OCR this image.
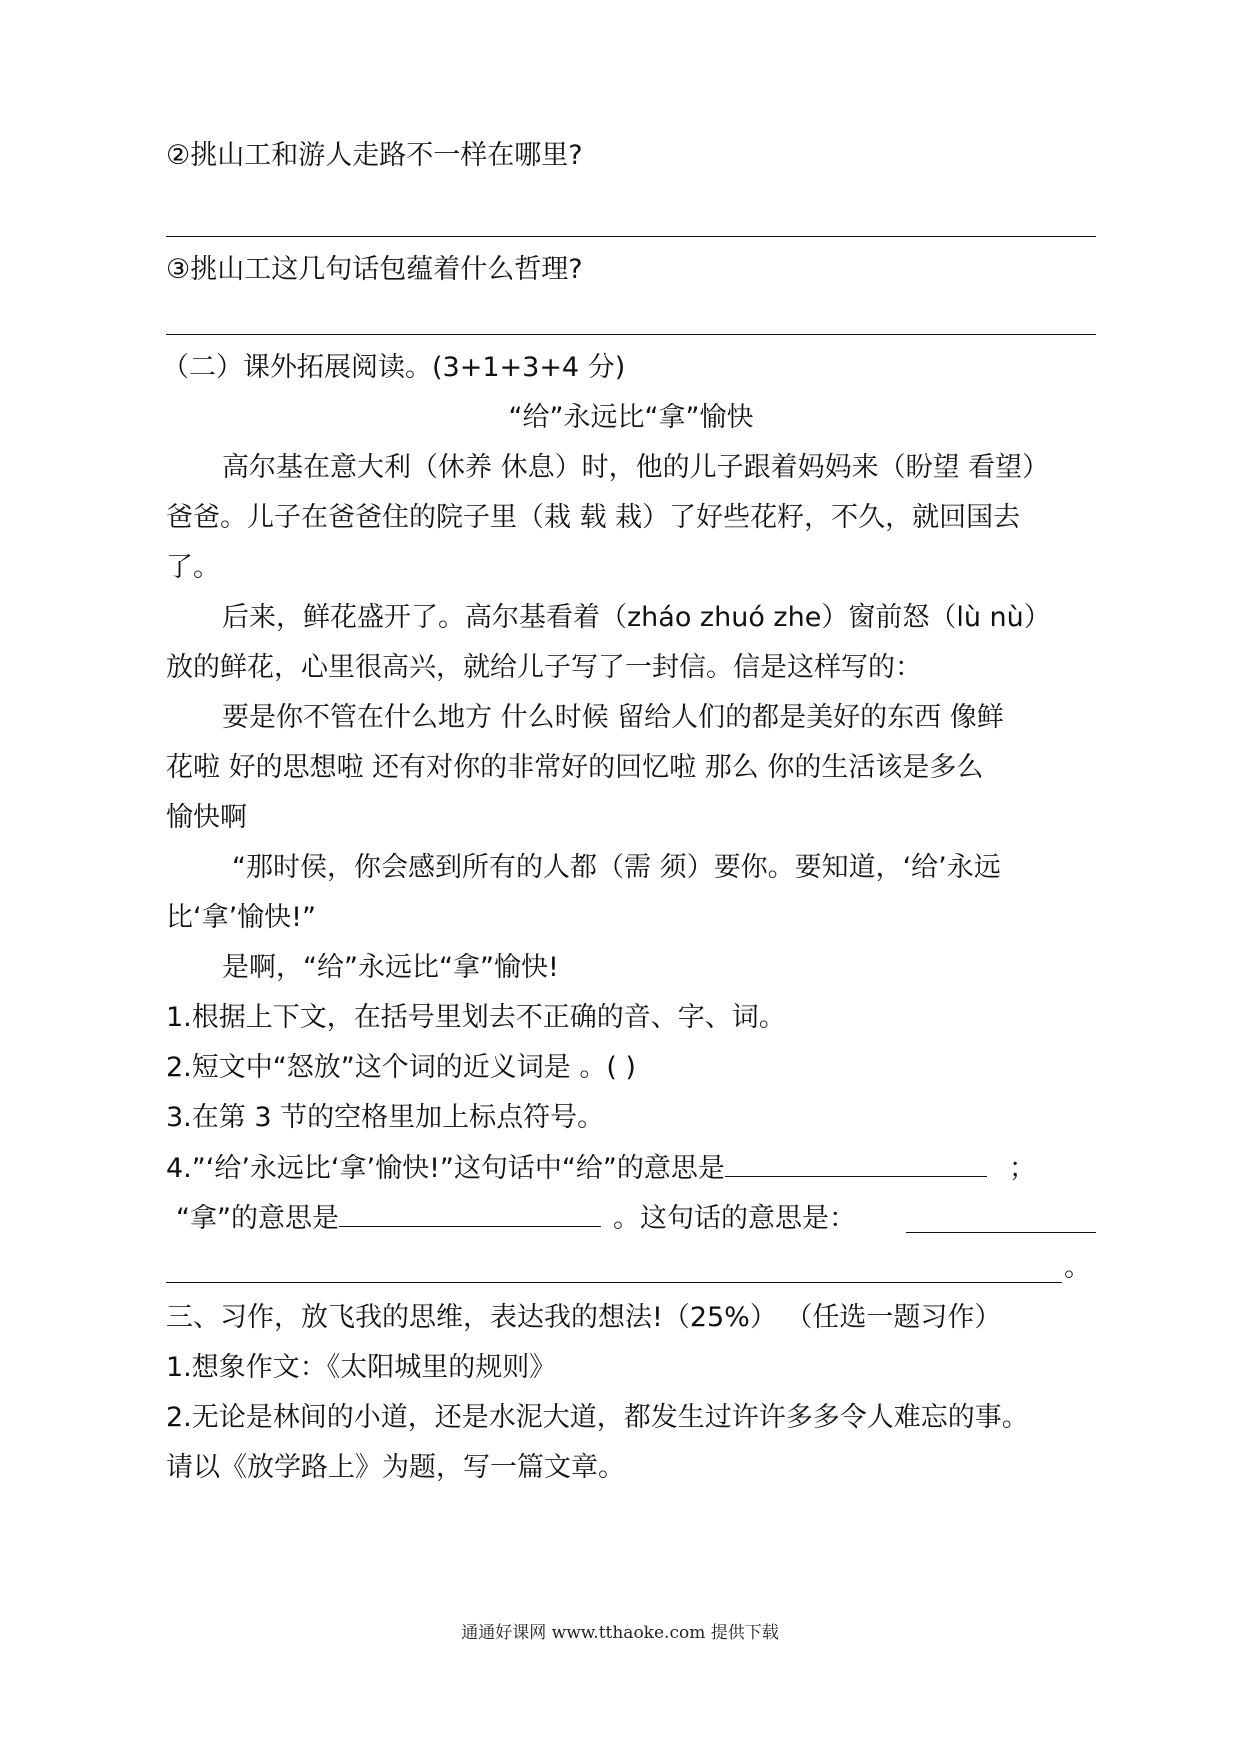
②挑山工和游人走路不一样在哪里?
③挑山工这几句话包蕴着什么哲理?
（二）课外拓展阅读。(3+1+3+4 分)
“给”永远比“拿”愉快
高尔基在意大利（休养 休息）时，他的儿子跟着妈妈来（盼望 看望）
爸爸。儿子在爸爸住的院子里（栽 载 栽）了好些花籽，不久，就回国去
了。
后来，鲜花盛开了。高尔基看着（zháo zhuó zhe）窗前怒（lù nù）
放的鲜花，心里很高兴，就给儿子写了一封信。信是这样写的：
要是你不管在什么地方 什么时候 留给人们的都是美好的东西 像鲜
花啦 好的思想啦 还有对你的非常好的回忆啦 那么 你的生活该是多么
愉快啊
“那时侯，你会感到所有的人都（需 须）要你。要知道，‘给’永远
比‘拿’愉快!”
是啊，“给”永远比“拿”愉快!
1.根据上下文，在括号里划去不正确的音、字、词。
2.短文中“怒放”这个词的近义词是 。( )
3.在第 3 节的空格里加上标点符号。
4.”‘给’永远比‘拿’愉快!”这句话中“给”的意思是	；
“拿”的意思是	。这句话的意思是：
。
三、习作，放飞我的思维，表达我的想法!（25%） （任选一题习作）
1.想象作文：《太阳城里的规则》
2.无论是林间的小道，还是水泥大道，都发生过许许多多令人难忘的事。
请以《放学路上》为题，写一篇文章。
通通好课网 www.tthaoke.com 提供下载
